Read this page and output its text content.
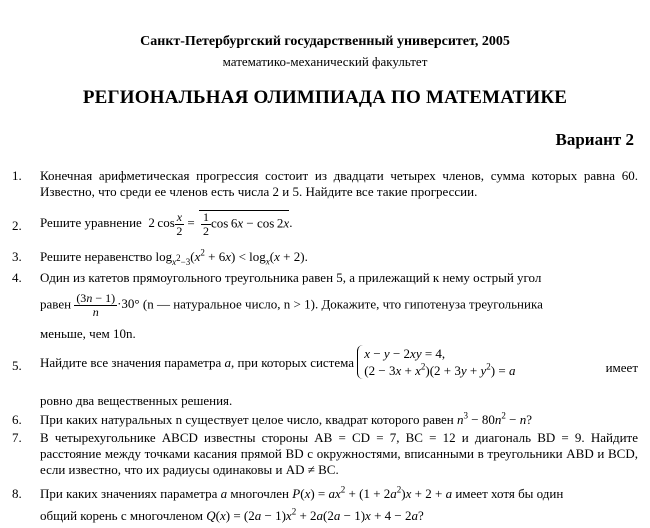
Санкт-Петербургский государственный университет, 2005
математико-механический факультет
РЕГИОНАЛЬНАЯ ОЛИМПИАДА ПО МАТЕМАТИКЕ
Вариант 2
1. Конечная арифметическая прогрессия состоит из двадцати четырех членов, сумма которых равна 60. Известно, что среди ее членов есть числа 2 и 5. Найдите все такие прогрессии.
2. Решите уравнение  2 $\cos \frac{x}{2} = \frac{1}{2}$ cos 6x − cos 2x.
3. Решите неравенство $\log_{x^2-3}(x^2 + 6x) < \log_x(x + 2)$.
4. Один из катетов прямоугольного треугольника равен 5, а прилежащий к нему острый угол
равен $\frac{(3n - 1)}{n} \cdot 30^\circ$ (n — натуральное число, n > 1). Докажите, что гипотенуза треугольника
меньше, чем 10n.
5. Найдите все значения параметра a, при которых система
x − y − 2xy = 4,
$(2 - 3x + x^2)(2 + 3y + y^2) = a$	имеет
ровно два вещественных решения.
6. При каких натуральных n существует целое число, квадрат которого равен $n^3 - 80n^2 - n$?
7. В четырехугольнике ABCD известны стороны AB = CD = 7, BC = 12 и диагональ BD = 9. Найдите расстояние между точками касания прямой BD с окружностями, вписанными в треугольники ABD и BCD, если известно, что их радиусы одинаковы и AD ≠ BC.
8. При каких значениях параметра a многочлен $P(x) = ax^2 + (1 + 2a^2)x + 2 + a$ имеет хотя бы один
общий корень с многочленом $Q(x) = (2a - 1)x^2 + 2a(2a - 1)x + 4 - 2a$?
